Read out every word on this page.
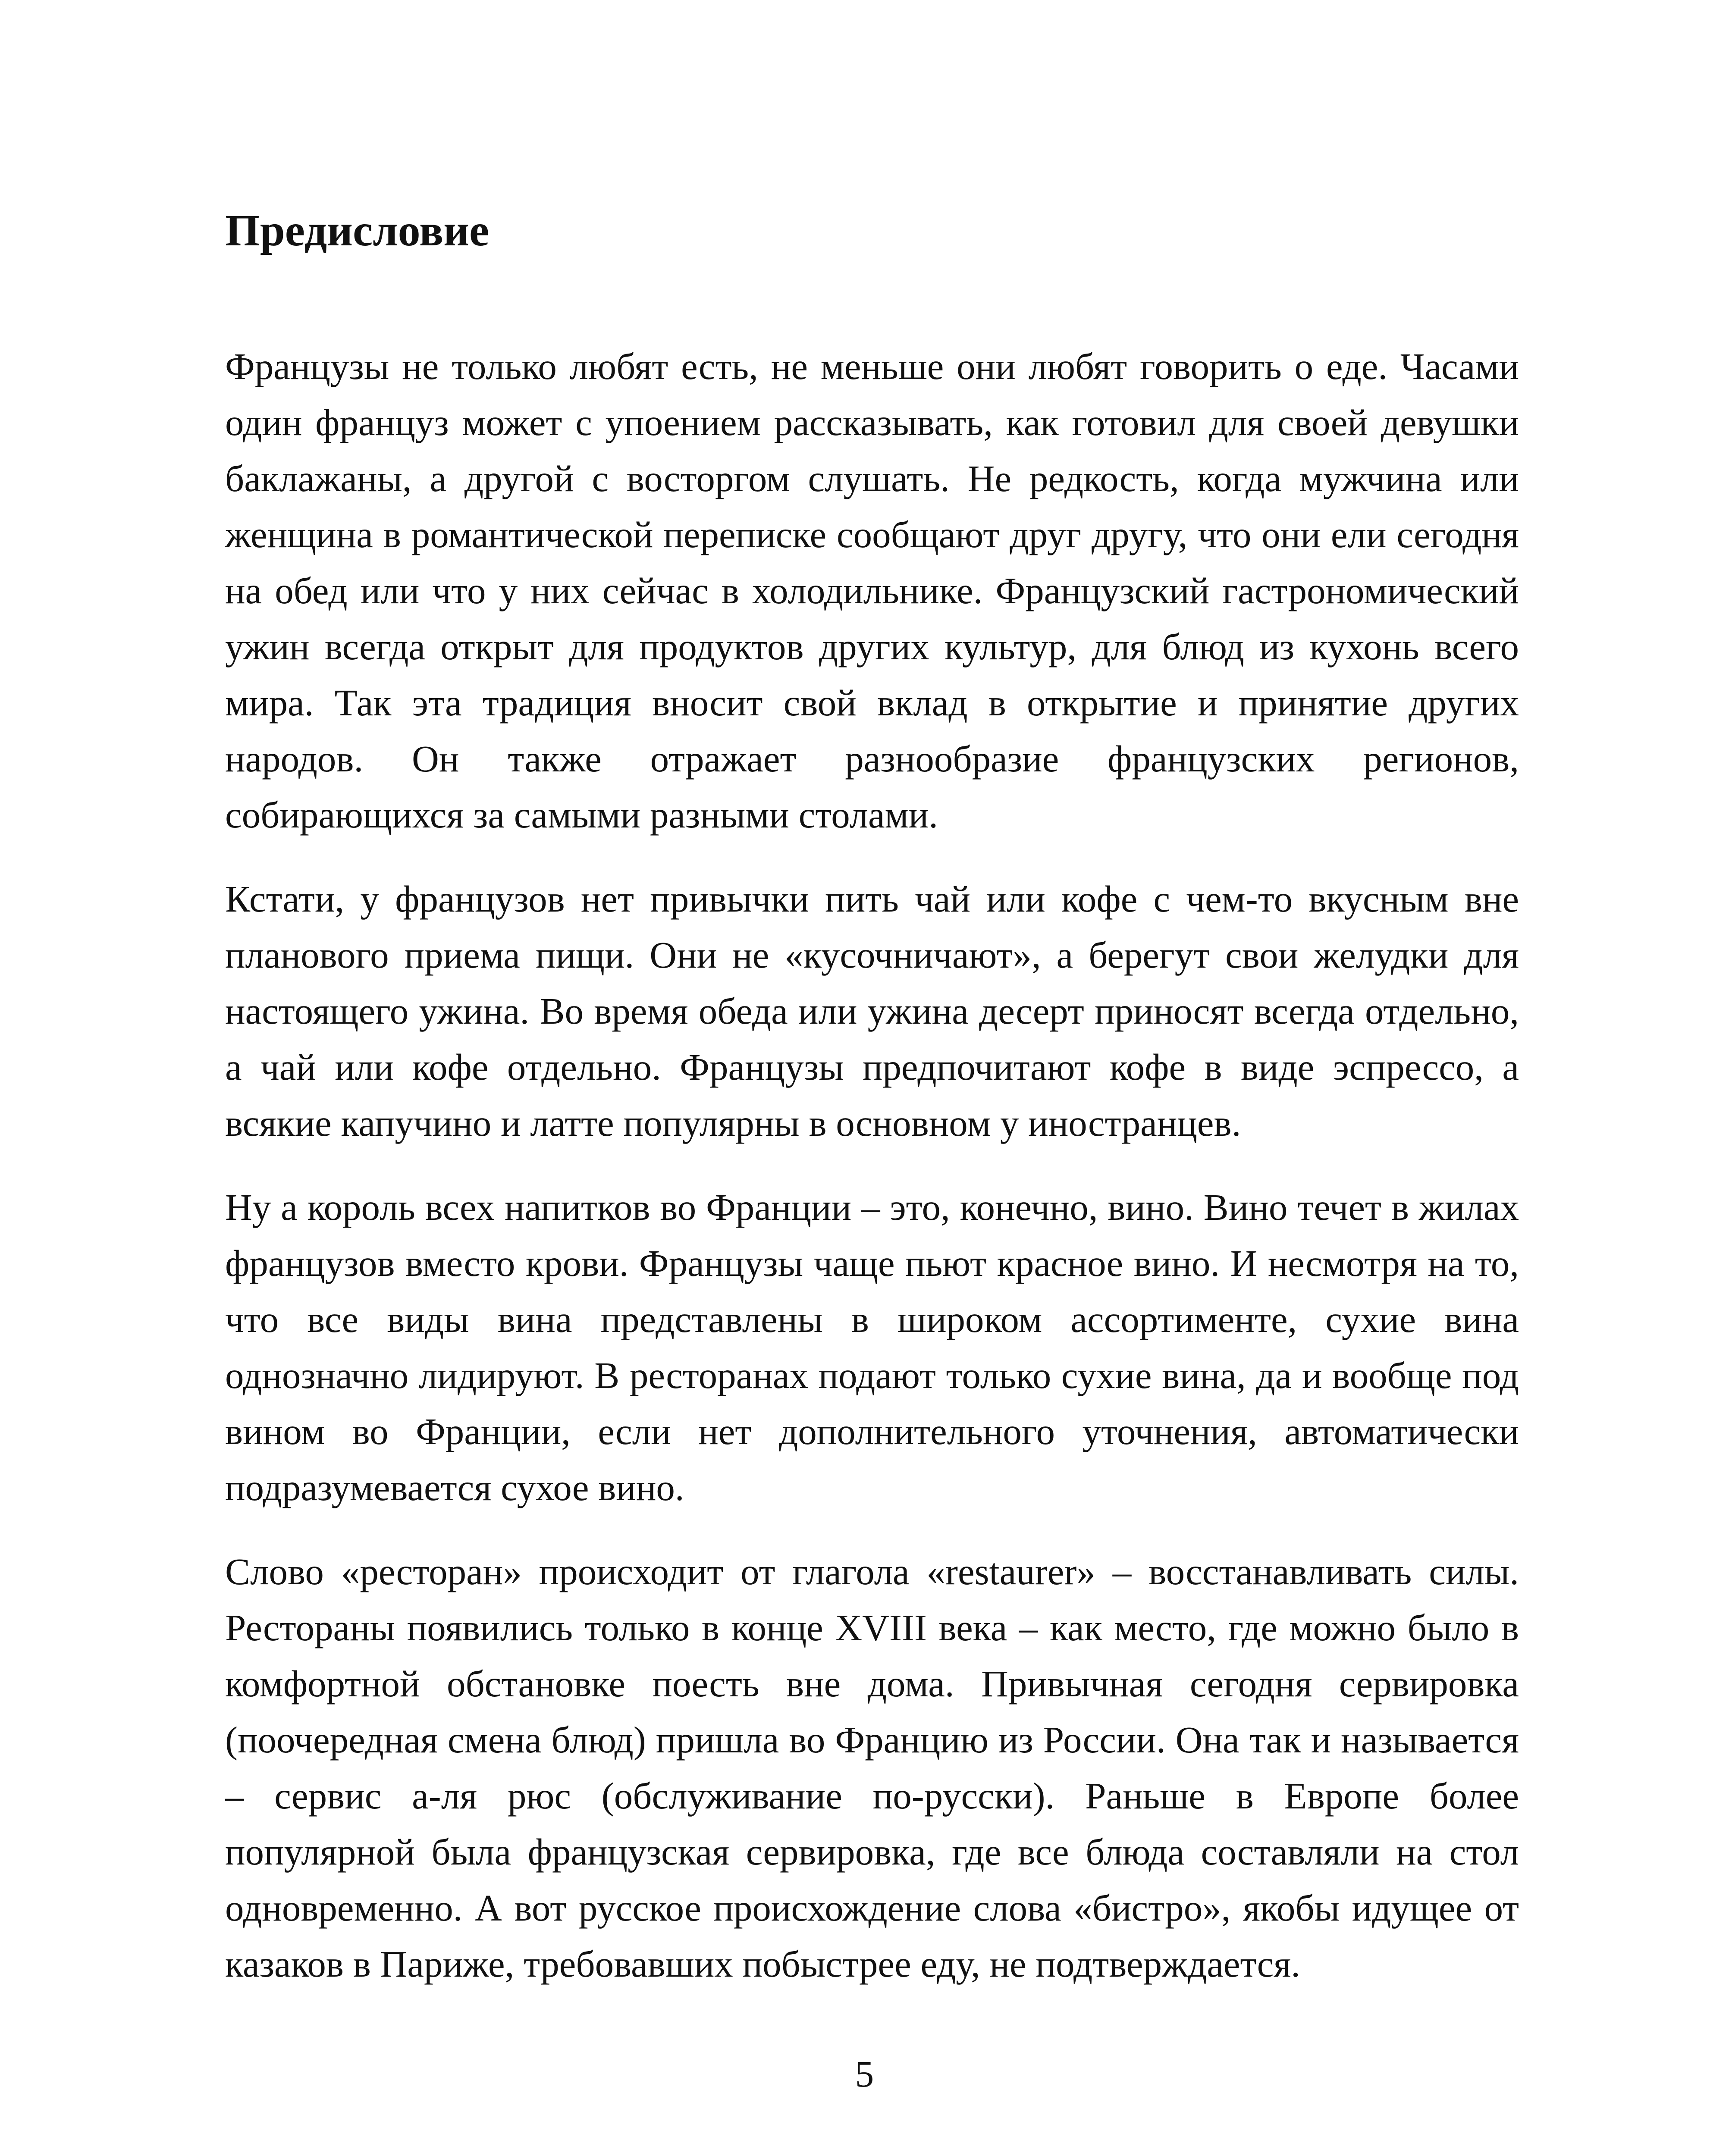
Предисловие

Французы не только любят есть, не меньше они любят говорить о еде. Часами один француз может с упоением рассказывать, как готовил для своей девушки баклажаны, а другой с восторгом слушать. Не редкость, когда мужчина или женщина в романтической переписке сообщают друг другу, что они ели сегодня на обед или что у них сейчас в холодильнике. Французский гастрономический ужин всегда открыт для продуктов других культур, для блюд из кухонь всего мира. Так эта традиция вносит свой вклад в открытие и принятие других народов. Он также отражает разнообразие французских регионов, собирающихся за самыми разными столами.

Кстати, у французов нет привычки пить чай или кофе с чем-то вкусным вне планового приема пищи. Они не «кусочничают», а берегут свои желудки для настоящего ужина. Во время обеда или ужина десерт приносят всегда отдельно, а чай или кофе отдельно. Французы предпочитают кофе в виде эспрессо, а всякие капучино и латте популярны в основном у иностранцев.

Ну а король всех напитков во Франции – это, конечно, вино. Вино течет в жилах французов вместо крови. Французы чаще пьют красное вино. И несмотря на то, что все виды вина представлены в широком ассортименте, сухие вина однозначно лидируют. В ресторанах подают только сухие вина, да и вообще под вином во Франции, если нет дополнительного уточнения, автоматически подразумевается сухое вино.

Слово «ресторан» происходит от глагола «restaurer» – восстанавливать силы. Рестораны появились только в конце XVIII века – как место, где можно было в комфортной обстановке поесть вне дома. Привычная сегодня сервировка (поочередная смена блюд) пришла во Францию из России. Она так и называется – сервис а-ля рюс (обслуживание по-русски). Раньше в Европе более популярной была французская сервировка, где все блюда составляли на стол одновременно. А вот русское происхождение слова «бистро», якобы идущее от казаков в Париже, требовавших побыстрее еду, не подтверждается.

5
